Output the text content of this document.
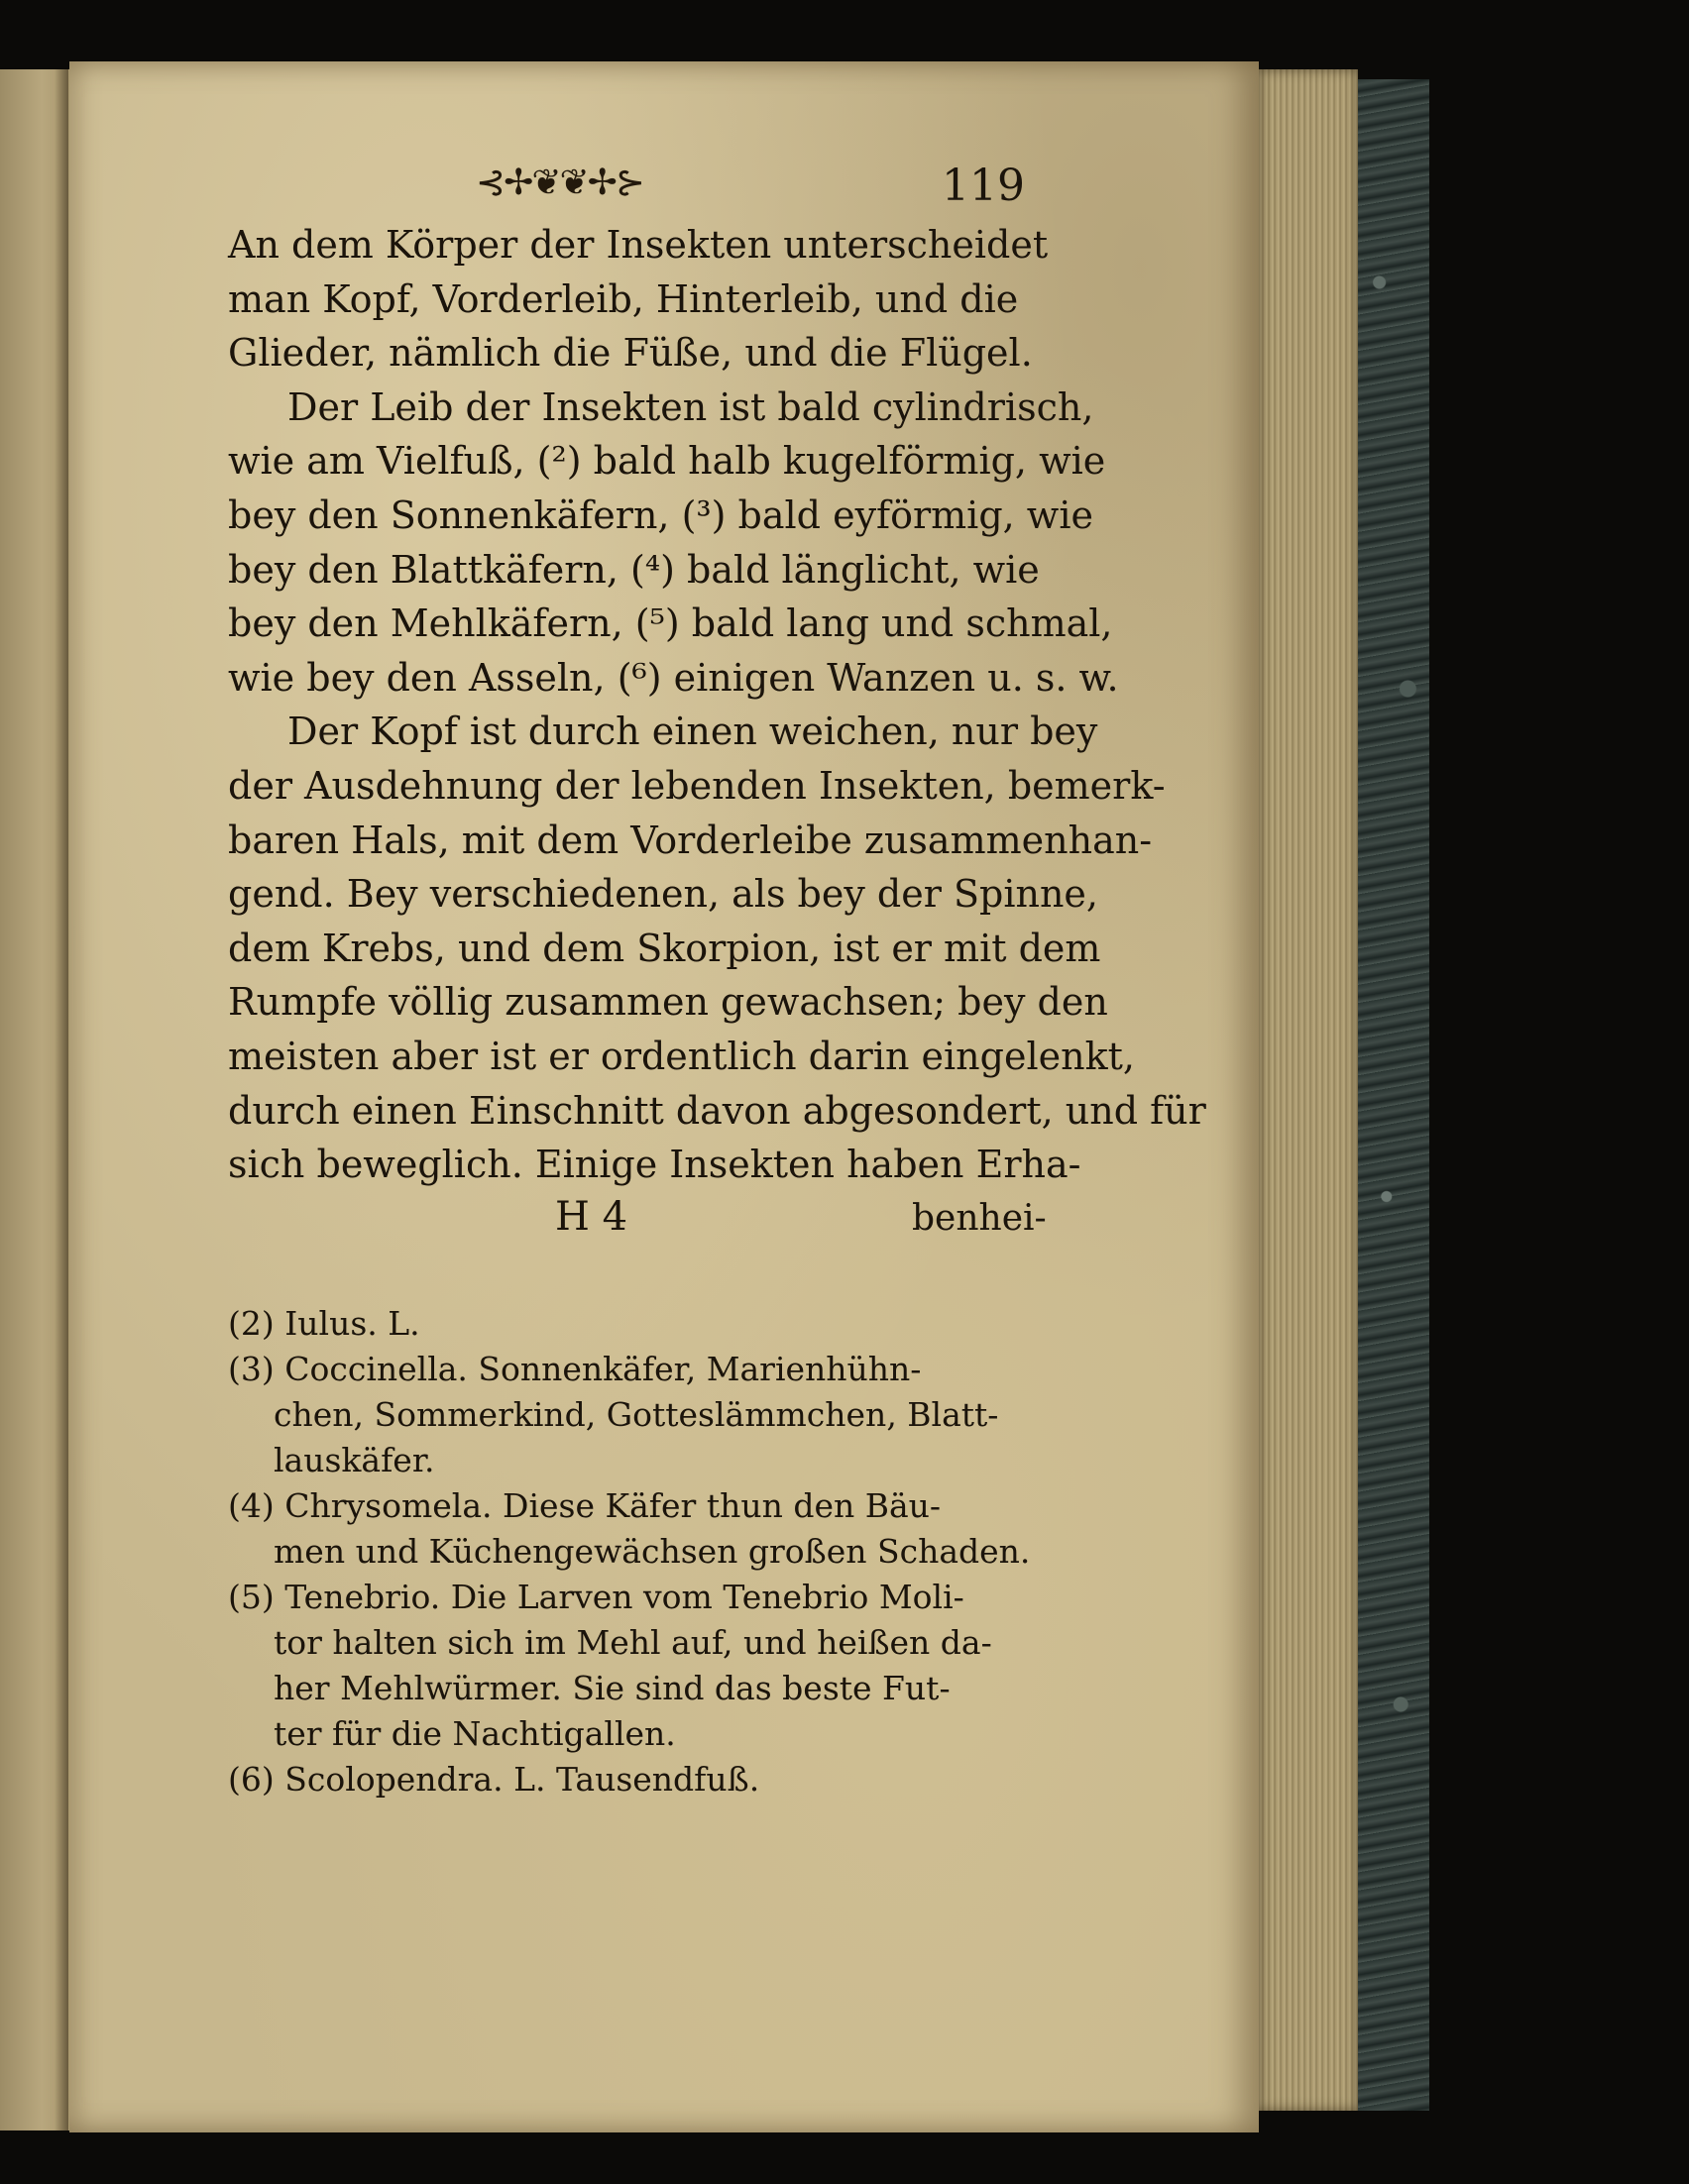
⊰✢❦❦✢⊱	119
An dem Körper der Insekten unterscheidet
man Kopf, Vorderleib, Hinterleib, und die
Glieder, nämlich die Füße, und die Flügel.
Der Leib der Insekten ist bald cylindrisch,
wie am Vielfuß, (²) bald halb kugelförmig, wie
bey den Sonnenkäfern, (³) bald eyförmig, wie
bey den Blattkäfern, (⁴) bald länglicht, wie
bey den Mehlkäfern, (⁵) bald lang und schmal,
wie bey den Asseln, (⁶) einigen Wanzen u. s. w.
Der Kopf ist durch einen weichen, nur bey
der Ausdehnung der lebenden Insekten, bemerk-
baren Hals, mit dem Vorderleibe zusammenhan-
gend. Bey verschiedenen, als bey der Spinne,
dem Krebs, und dem Skorpion, ist er mit dem
Rumpfe völlig zusammen gewachsen; bey den
meisten aber ist er ordentlich darin eingelenkt,
durch einen Einschnitt davon abgesondert, und für
sich beweglich. Einige Insekten haben Erha-
H 4	benhei-
(2) Iulus. L.
(3) Coccinella. Sonnenkäfer, Marienhühn-
chen, Sommerkind, Gotteslämmchen, Blatt-
lauskäfer.
(4) Chrysomela. Diese Käfer thun den Bäu-
men und Küchengewächsen großen Schaden.
(5) Tenebrio. Die Larven vom Tenebrio Moli-
tor halten sich im Mehl auf, und heißen da-
her Mehlwürmer. Sie sind das beste Fut-
ter für die Nachtigallen.
(6) Scolopendra. L. Tausendfuß.
